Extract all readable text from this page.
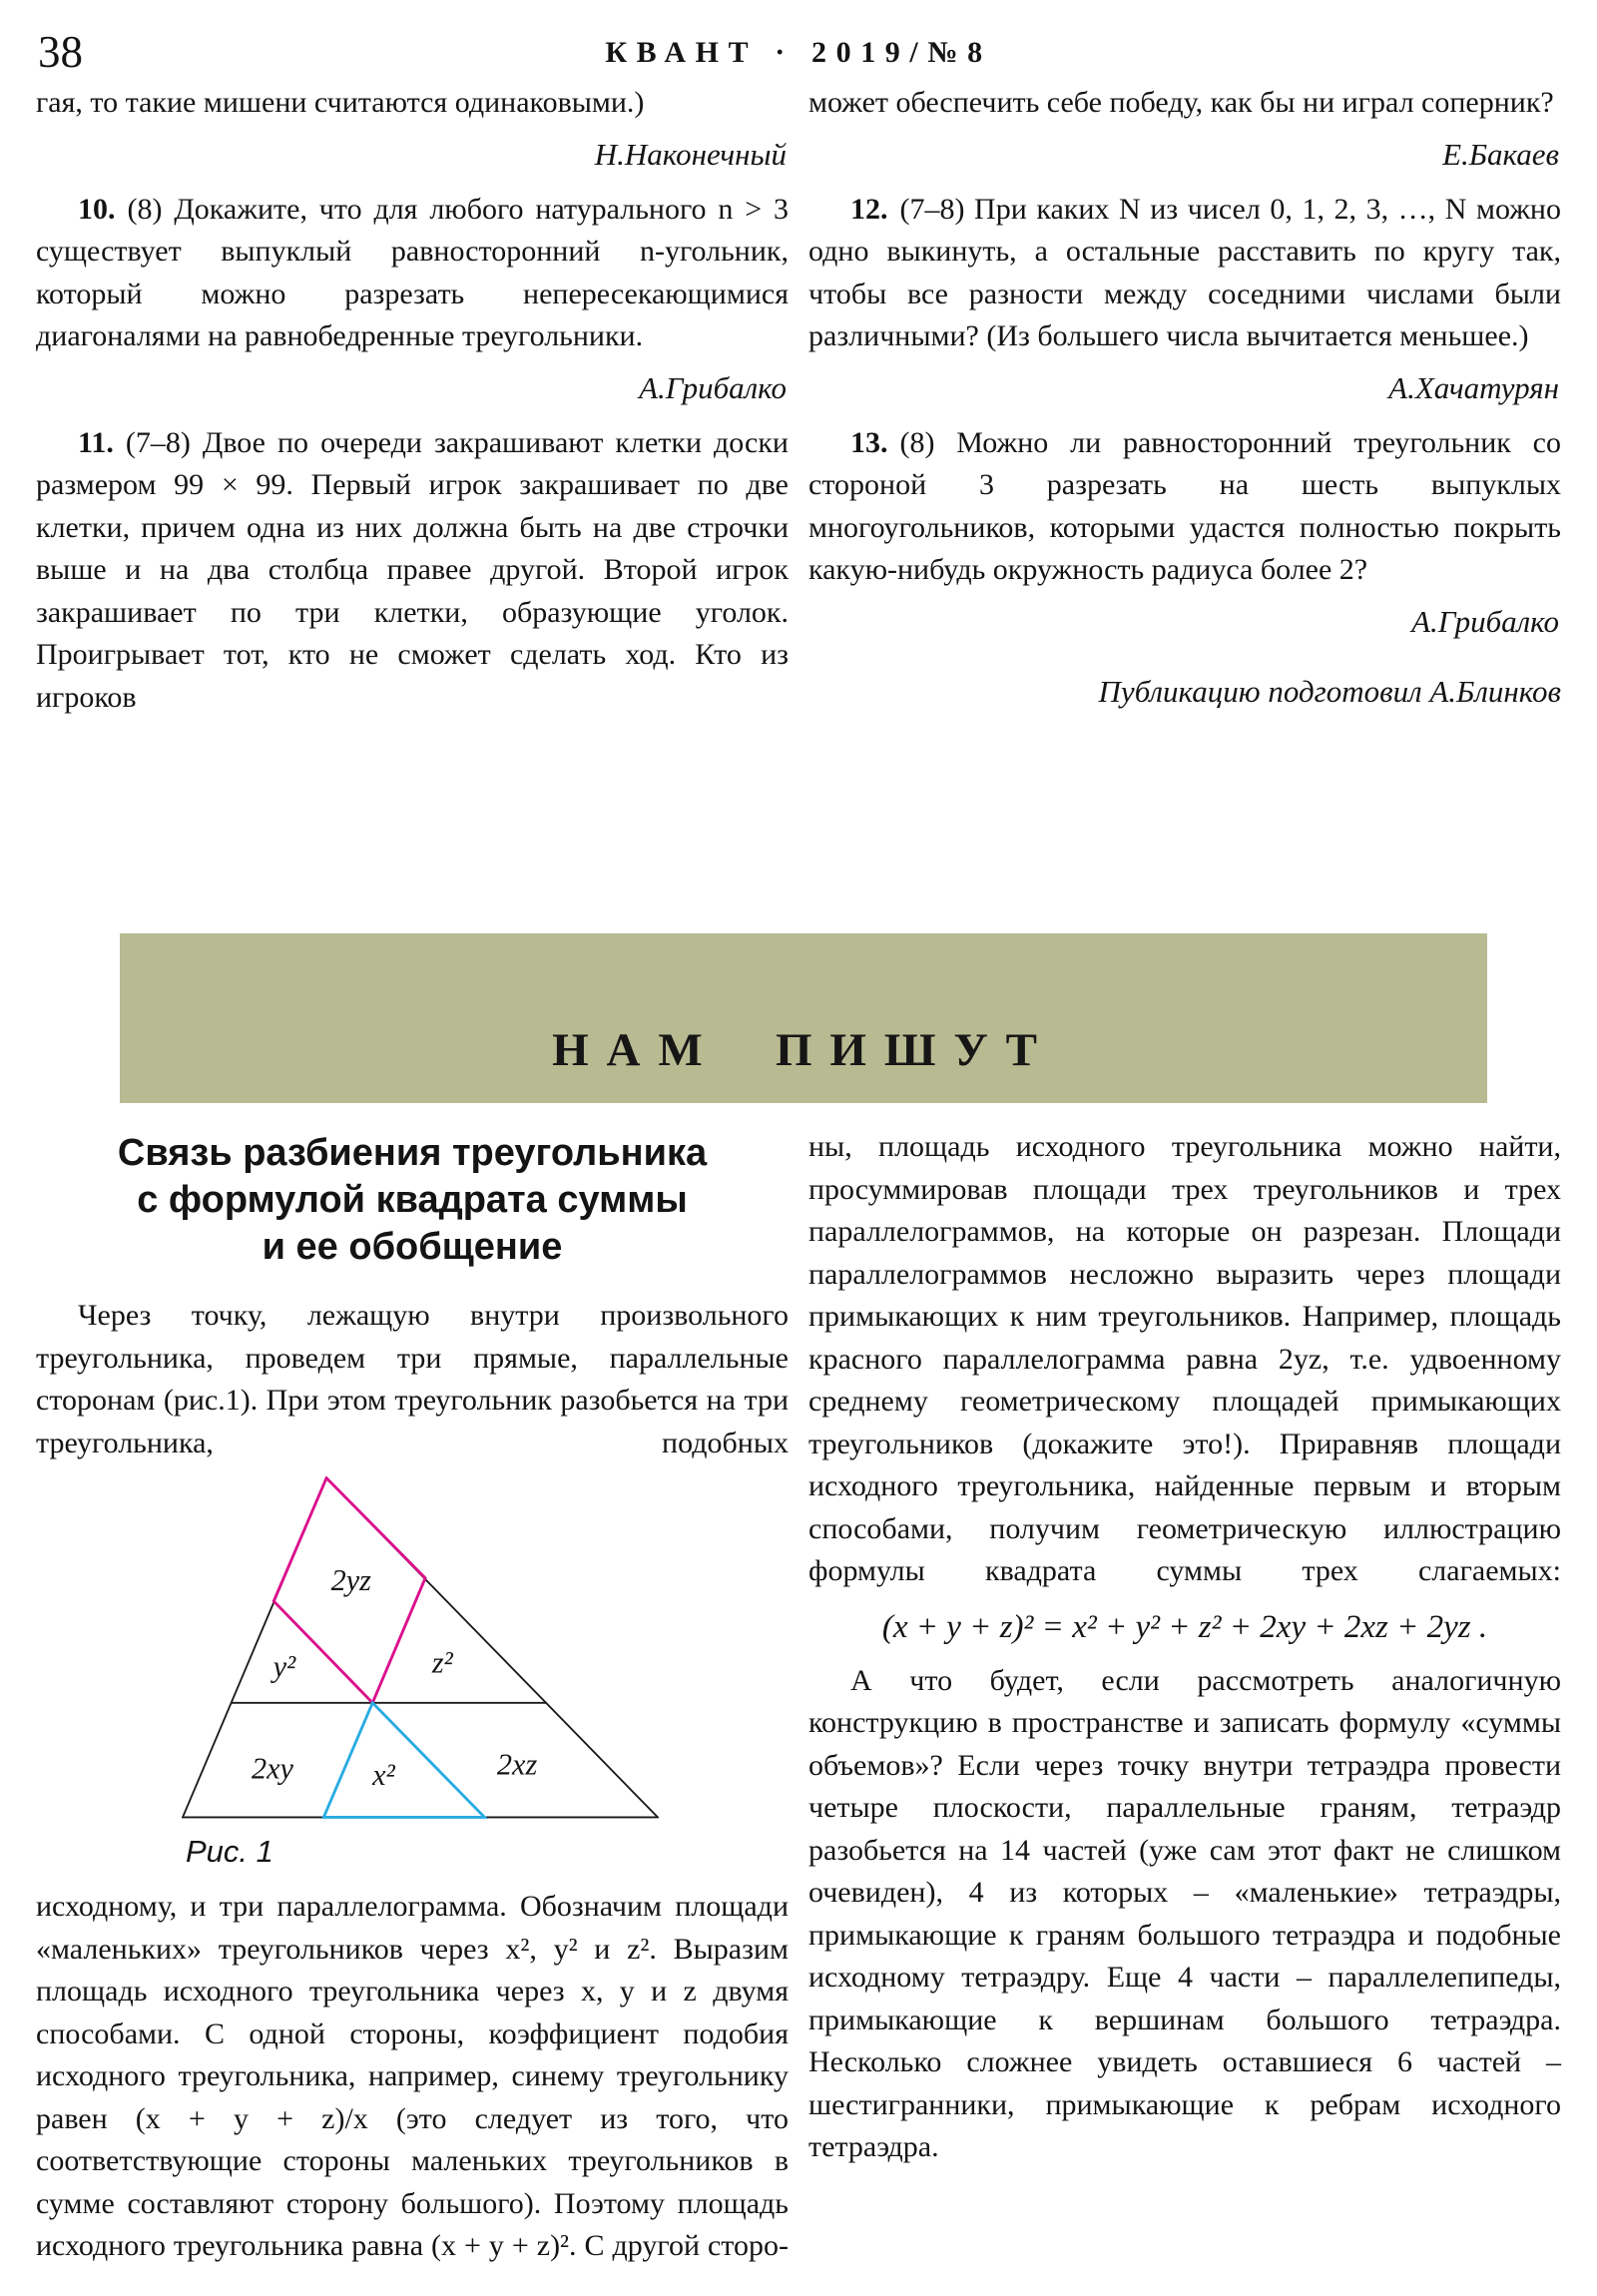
38	КВАНТ · 2019/№8

гая, то такие мишени считаются одинаковыми.)

Н.Наконечный

10. (8) Докажите, что для любого натурального n > 3 существует выпуклый равносторонний n-угольник, который можно разрезать непересекающимися диагоналями на равнобедренные треугольники.

А.Грибалко

11. (7–8) Двое по очереди закрашивают клетки доски размером 99 × 99. Первый игрок закрашивает по две клетки, причем одна из них должна быть на две строчки выше и на два столбца правее другой. Второй игрок закрашивает по три клетки, образующие уголок. Проигрывает тот, кто не сможет сделать ход. Кто из игроков

может обеспечить себе победу, как бы ни играл соперник?

Е.Бакаев

12. (7–8) При каких N из чисел 0, 1, 2, 3, …, N можно одно выкинуть, а остальные расставить по кругу так, чтобы все разности между соседними числами были различными? (Из большего числа вычитается меньшее.)

А.Хачатурян

13. (8) Можно ли равносторонний треугольник со стороной 3 разрезать на шесть выпуклых многоугольников, которыми удастся полностью покрыть какую-нибудь окружность радиуса более 2?

А.Грибалко

Публикацию подготовил А.Блинков

НАМ ПИШУТ
Связь разбиения треугольника
с формулой квадрата суммы
и ее обобщение

Через точку, лежащую внутри произвольного треугольника, проведем три прямые, параллельные сторонам (рис.1). При этом треугольник разобьется на три треугольника, подобных

2yz
y²	z²
2xy x²	2xz
Рис. 1

исходному, и три параллелограмма. Обозначим площади «маленьких» треугольников через x², y² и z². Выразим площадь исходного треугольника через x, y и z двумя способами. С одной стороны, коэффициент подобия исходного треугольника, например, синему треугольнику равен (x + y + z)/x (это следует из того, что соответствующие стороны маленьких треугольников в сумме составляют сторону большого). Поэтому площадь исходного треугольника равна (x + y + z)². С другой сторо-

ны, площадь исходного треугольника можно найти, просуммировав площади трех треугольников и трех параллелограммов, на которые он разрезан. Площади параллелограммов несложно выразить через площади примыкающих к ним треугольников. Например, площадь красного параллелограмма равна 2yz, т.е. удвоенному среднему геометрическому площадей примыкающих треугольников (докажите это!). Приравняв площади исходного треугольника, найденные первым и вторым способами, получим геометрическую иллюстрацию формулы квадрата суммы трех слагаемых:

(x + y + z)² = x² + y² + z² + 2xy + 2xz + 2yz .

А что будет, если рассмотреть аналогичную конструкцию в пространстве и записать формулу «суммы объемов»? Если через точку внутри тетраэдра провести четыре плоскости, параллельные граням, тетраэдр разобьется на 14 частей (уже сам этот факт не слишком очевиден), 4 из которых – «маленькие» тетраэдры, примыкающие к граням большого тетраэдра и подобные исходному тетраэдру. Еще 4 части – параллелепипеды, примыкающие к вершинам большого тетраэдра. Несколько сложнее увидеть оставшиеся 6 частей – шестигранники, примыкающие к ребрам исходного тетраэдра.
